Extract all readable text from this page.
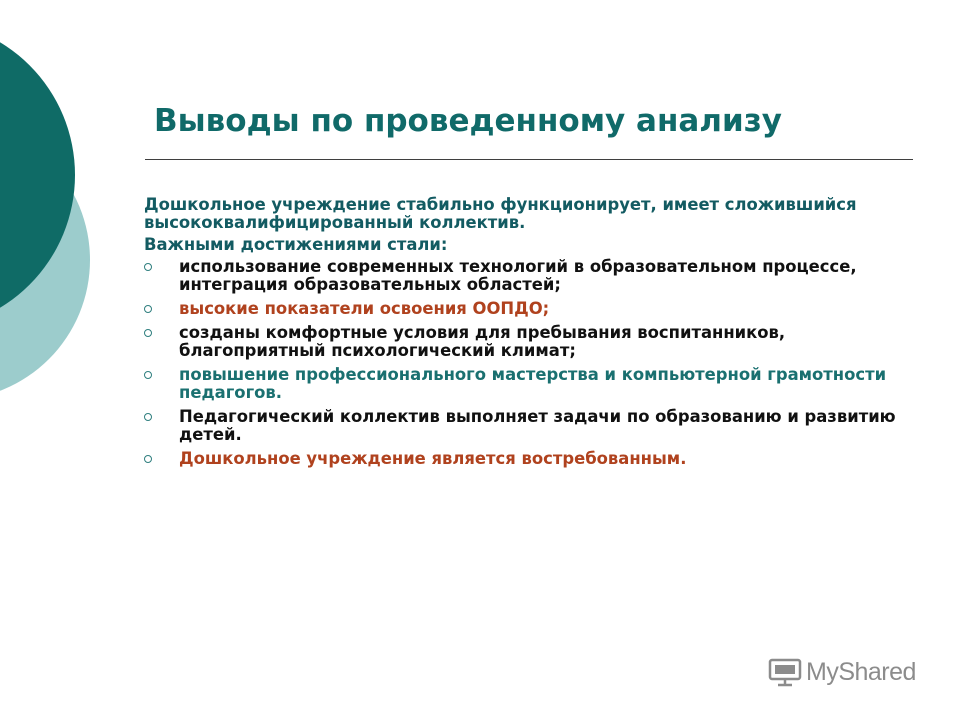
Выводы по проведенному анализу

Дошкольное учреждение стабильно функционирует, имеет сложившийся высококвалифицированный коллектив.

Важными достижениями стали:

использование современных технологий в образовательном процессе, интеграция образовательных областей;
высокие показатели освоения ООПДО;
созданы комфортные условия для пребывания воспитанников, благоприятный психологический климат;
повышение профессионального мастерства и компьютерной грамотности педагогов.
Педагогический коллектив выполняет задачи по образованию и развитию детей.
Дошкольное учреждение является востребованным.
MyShared
